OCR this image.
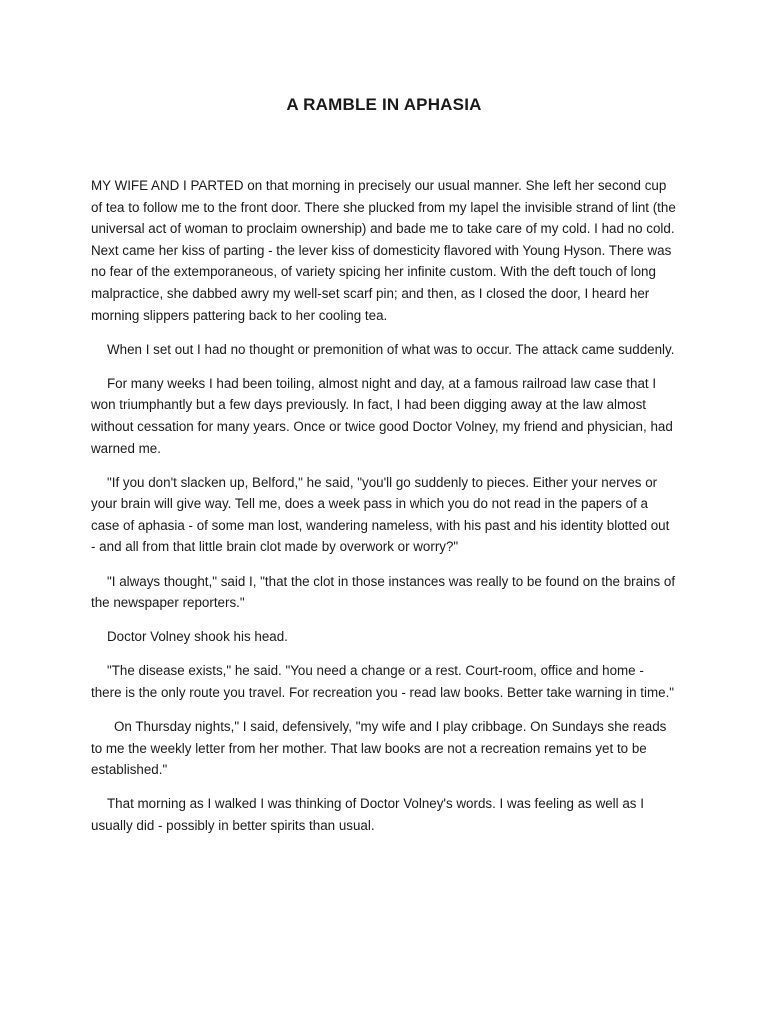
A RAMBLE IN APHASIA

MY WIFE AND I PARTED on that morning in precisely our usual manner. She left her second cup of tea to follow me to the front door. There she plucked from my lapel the invisible strand of lint (the universal act of woman to proclaim ownership) and bade me to take care of my cold. I had no cold. Next came her kiss of parting - the lever kiss of domesticity flavored with Young Hyson. There was no fear of the extemporaneous, of variety spicing her infinite custom. With the deft touch of long malpractice, she dabbed awry my well-set scarf pin; and then, as I closed the door, I heard her morning slippers pattering back to her cooling tea.

When I set out I had no thought or premonition of what was to occur. The attack came suddenly.

For many weeks I had been toiling, almost night and day, at a famous railroad law case that I won triumphantly but a few days previously. In fact, I had been digging away at the law almost without cessation for many years. Once or twice good Doctor Volney, my friend and physician, had warned me.

"If you don't slacken up, Belford," he said, "you'll go suddenly to pieces. Either your nerves or your brain will give way. Tell me, does a week pass in which you do not read in the papers of a case of aphasia - of some man lost, wandering nameless, with his past and his identity blotted out - and all from that little brain clot made by overwork or worry?"

"I always thought," said I, "that the clot in those instances was really to be found on the brains of the newspaper reporters."

Doctor Volney shook his head.

"The disease exists," he said. "You need a change or a rest. Court-room, office and home - there is the only route you travel. For recreation you - read law books. Better take warning in time."

On Thursday nights," I said, defensively, "my wife and I play cribbage. On Sundays she reads to me the weekly letter from her mother. That law books are not a recreation remains yet to be established."

That morning as I walked I was thinking of Doctor Volney's words. I was feeling as well as I usually did - possibly in better spirits than usual.
